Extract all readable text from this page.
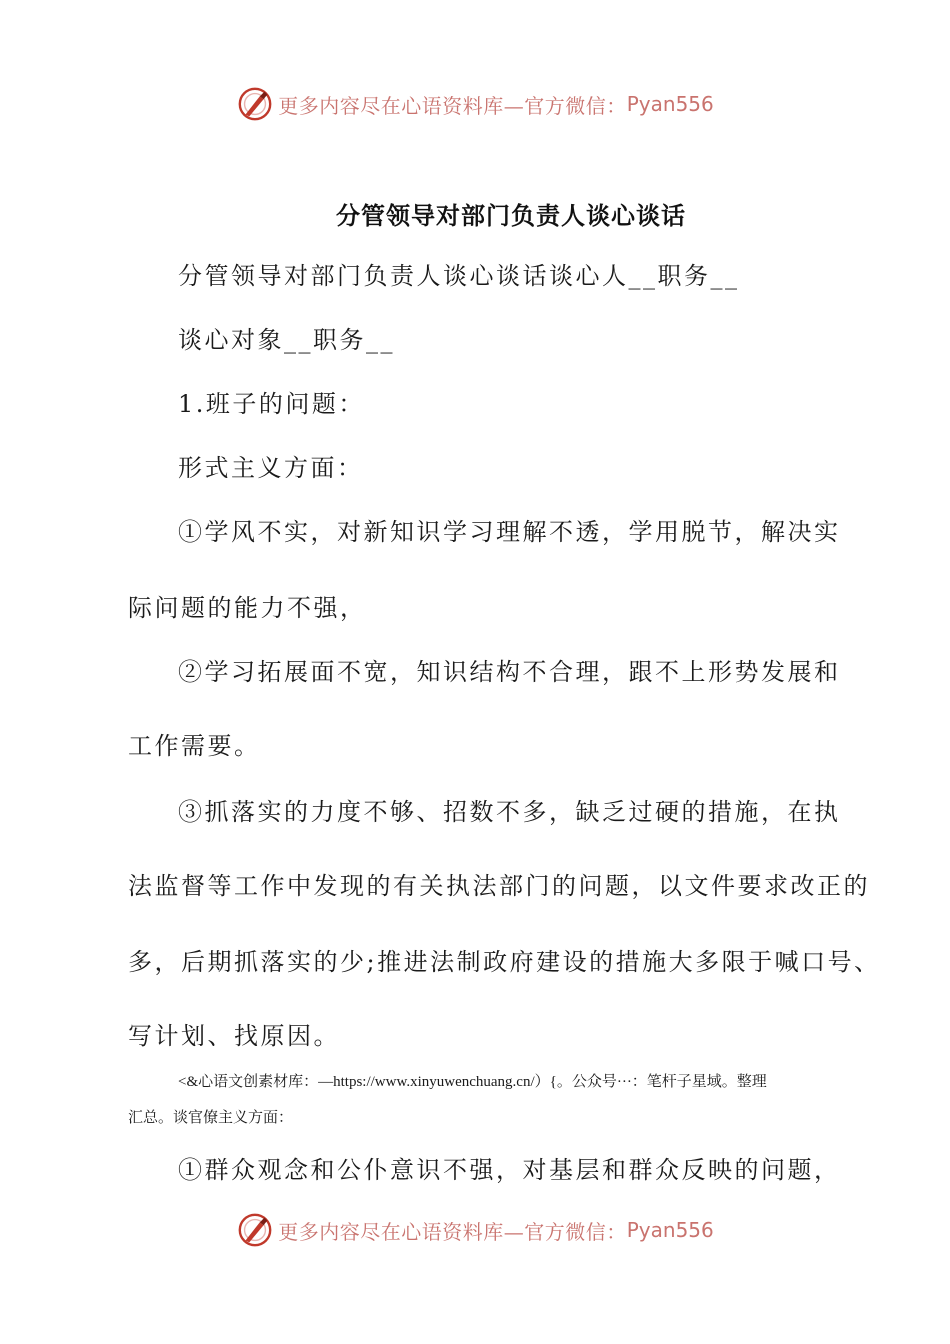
更多内容尽在心语资料库—官方微信： Pyan556
分管领导对部门负责人谈心谈话
分管领导对部门负责人谈心谈话谈心人__职务__
谈心对象__职务__
1.班子的问题：
形式主义方面：
①学风不实，对新知识学习理解不透，学用脱节，解决实
际问题的能力不强，
②学习拓展面不宽，知识结构不合理，跟不上形势发展和
工作需要。
③抓落实的力度不够、招数不多，缺乏过硬的措施，在执
法监督等工作中发现的有关执法部门的问题，以文件要求改正的
多，后期抓落实的少;推进法制政府建设的措施大多限于喊口号、
写计划、找原因。
<&心语文创素材库：—https://www.xinyuwenchuang.cn/）{。公众号···：笔杆子星域。整理
汇总。谈官僚主义方面：
①群众观念和公仆意识不强，对基层和群众反映的问题，
更多内容尽在心语资料库—官方微信： Pyan556
